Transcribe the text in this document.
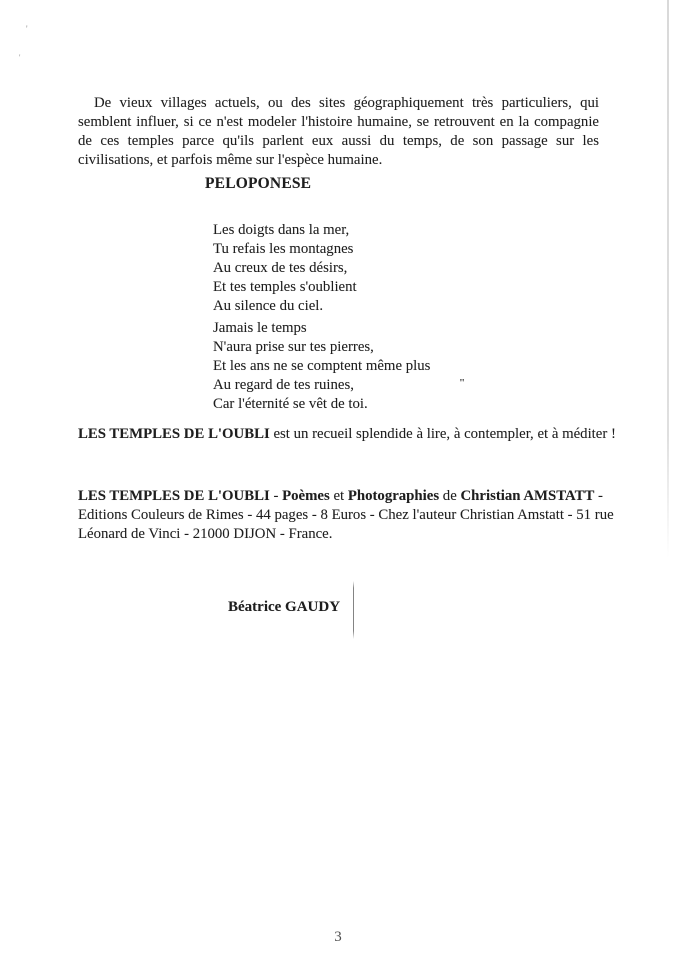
'
'

De vieux villages actuels, ou des sites géographiquement très particuliers, qui semblent influer, si ce n'est modeler l'histoire humaine, se retrouvent en la compagnie de ces temples parce qu'ils parlent eux aussi du temps, de son passage sur les civilisations, et parfois même sur l'espèce humaine.

PELOPONESE
Les doigts dans la mer,
Tu refais les montagnes
Au creux de tes désirs,
Et tes temples s'oublient
Au silence du ciel.
Jamais le temps
N'aura prise sur tes pierres,
Et les ans ne se comptent même plus
Au regard de tes ruines,
Car l'éternité se vêt de toi.
"

LES TEMPLES DE L'OUBLI est un recueil splendide à lire, à contempler, et à méditer !

LES TEMPLES DE L'OUBLI - Poèmes et Photographies de Christian AMSTATT -
Editions Couleurs de Rimes - 44 pages - 8 Euros - Chez l'auteur Christian Amstatt - 51 rue
Léonard de Vinci - 21000 DIJON - France.
Béatrice GAUDY
3
